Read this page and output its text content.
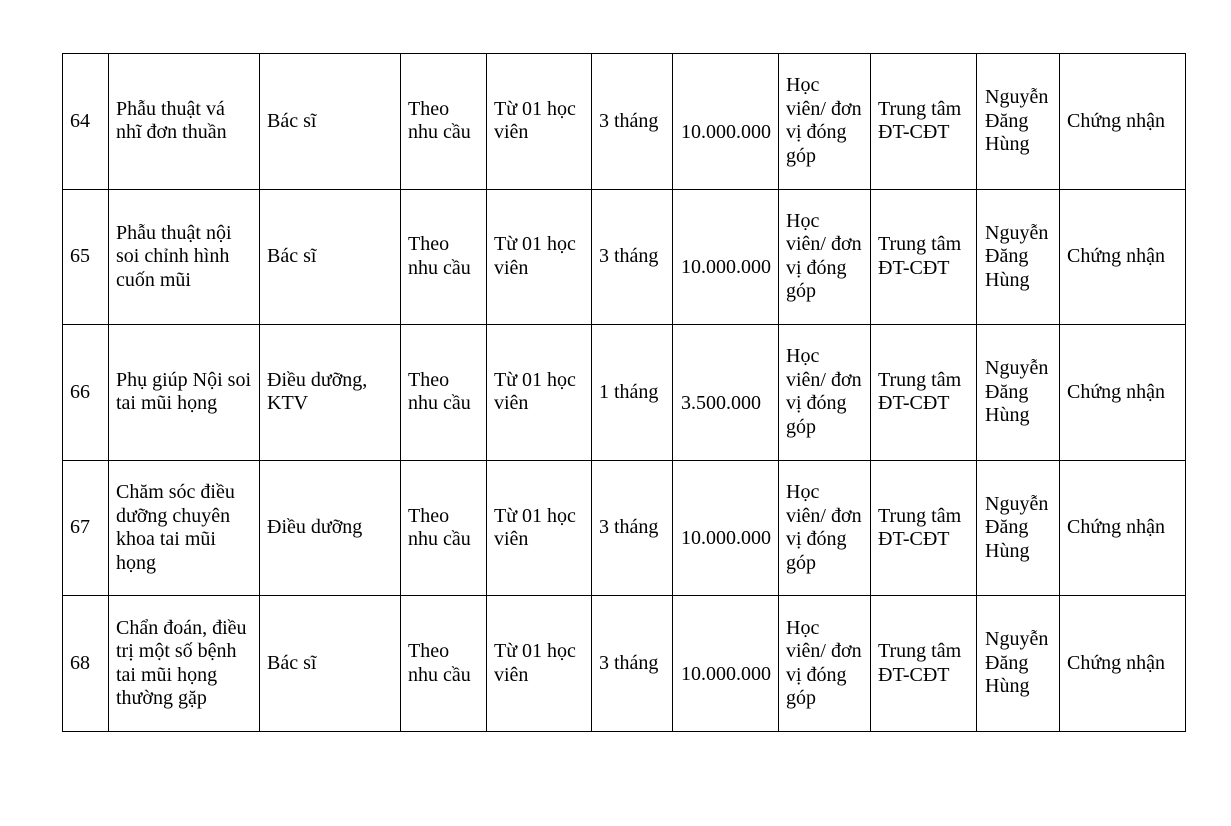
64	Phẫu thuật vá nhĩ đơn thuần	Bác sĩ	Theo nhu cầu	Từ 01 học viên	3 tháng	10.000.000	Học viên/ đơn vị đóng góp	Trung tâm ĐT-CĐT	Nguyễn Đăng Hùng	Chứng nhận
65	Phẫu thuật nội soi chỉnh hình cuốn mũi	Bác sĩ	Theo nhu cầu	Từ 01 học viên	3 tháng	10.000.000	Học viên/ đơn vị đóng góp	Trung tâm ĐT-CĐT	Nguyễn Đăng Hùng	Chứng nhận
66	Phụ giúp Nội soi tai mũi họng	Điều dưỡng, KTV	Theo nhu cầu	Từ 01 học viên	1 tháng	3.500.000	Học viên/ đơn vị đóng góp	Trung tâm ĐT-CĐT	Nguyễn Đăng Hùng	Chứng nhận
67	Chăm sóc điều dưỡng chuyên khoa tai mũi họng	Điều dưỡng	Theo nhu cầu	Từ 01 học viên	3 tháng	10.000.000	Học viên/ đơn vị đóng góp	Trung tâm ĐT-CĐT	Nguyễn Đăng Hùng	Chứng nhận
68	Chẩn đoán, điều trị một số bệnh tai mũi họng thường gặp	Bác sĩ	Theo nhu cầu	Từ 01 học viên	3 tháng	10.000.000	Học viên/ đơn vị đóng góp	Trung tâm ĐT-CĐT	Nguyễn Đăng Hùng	Chứng nhận
